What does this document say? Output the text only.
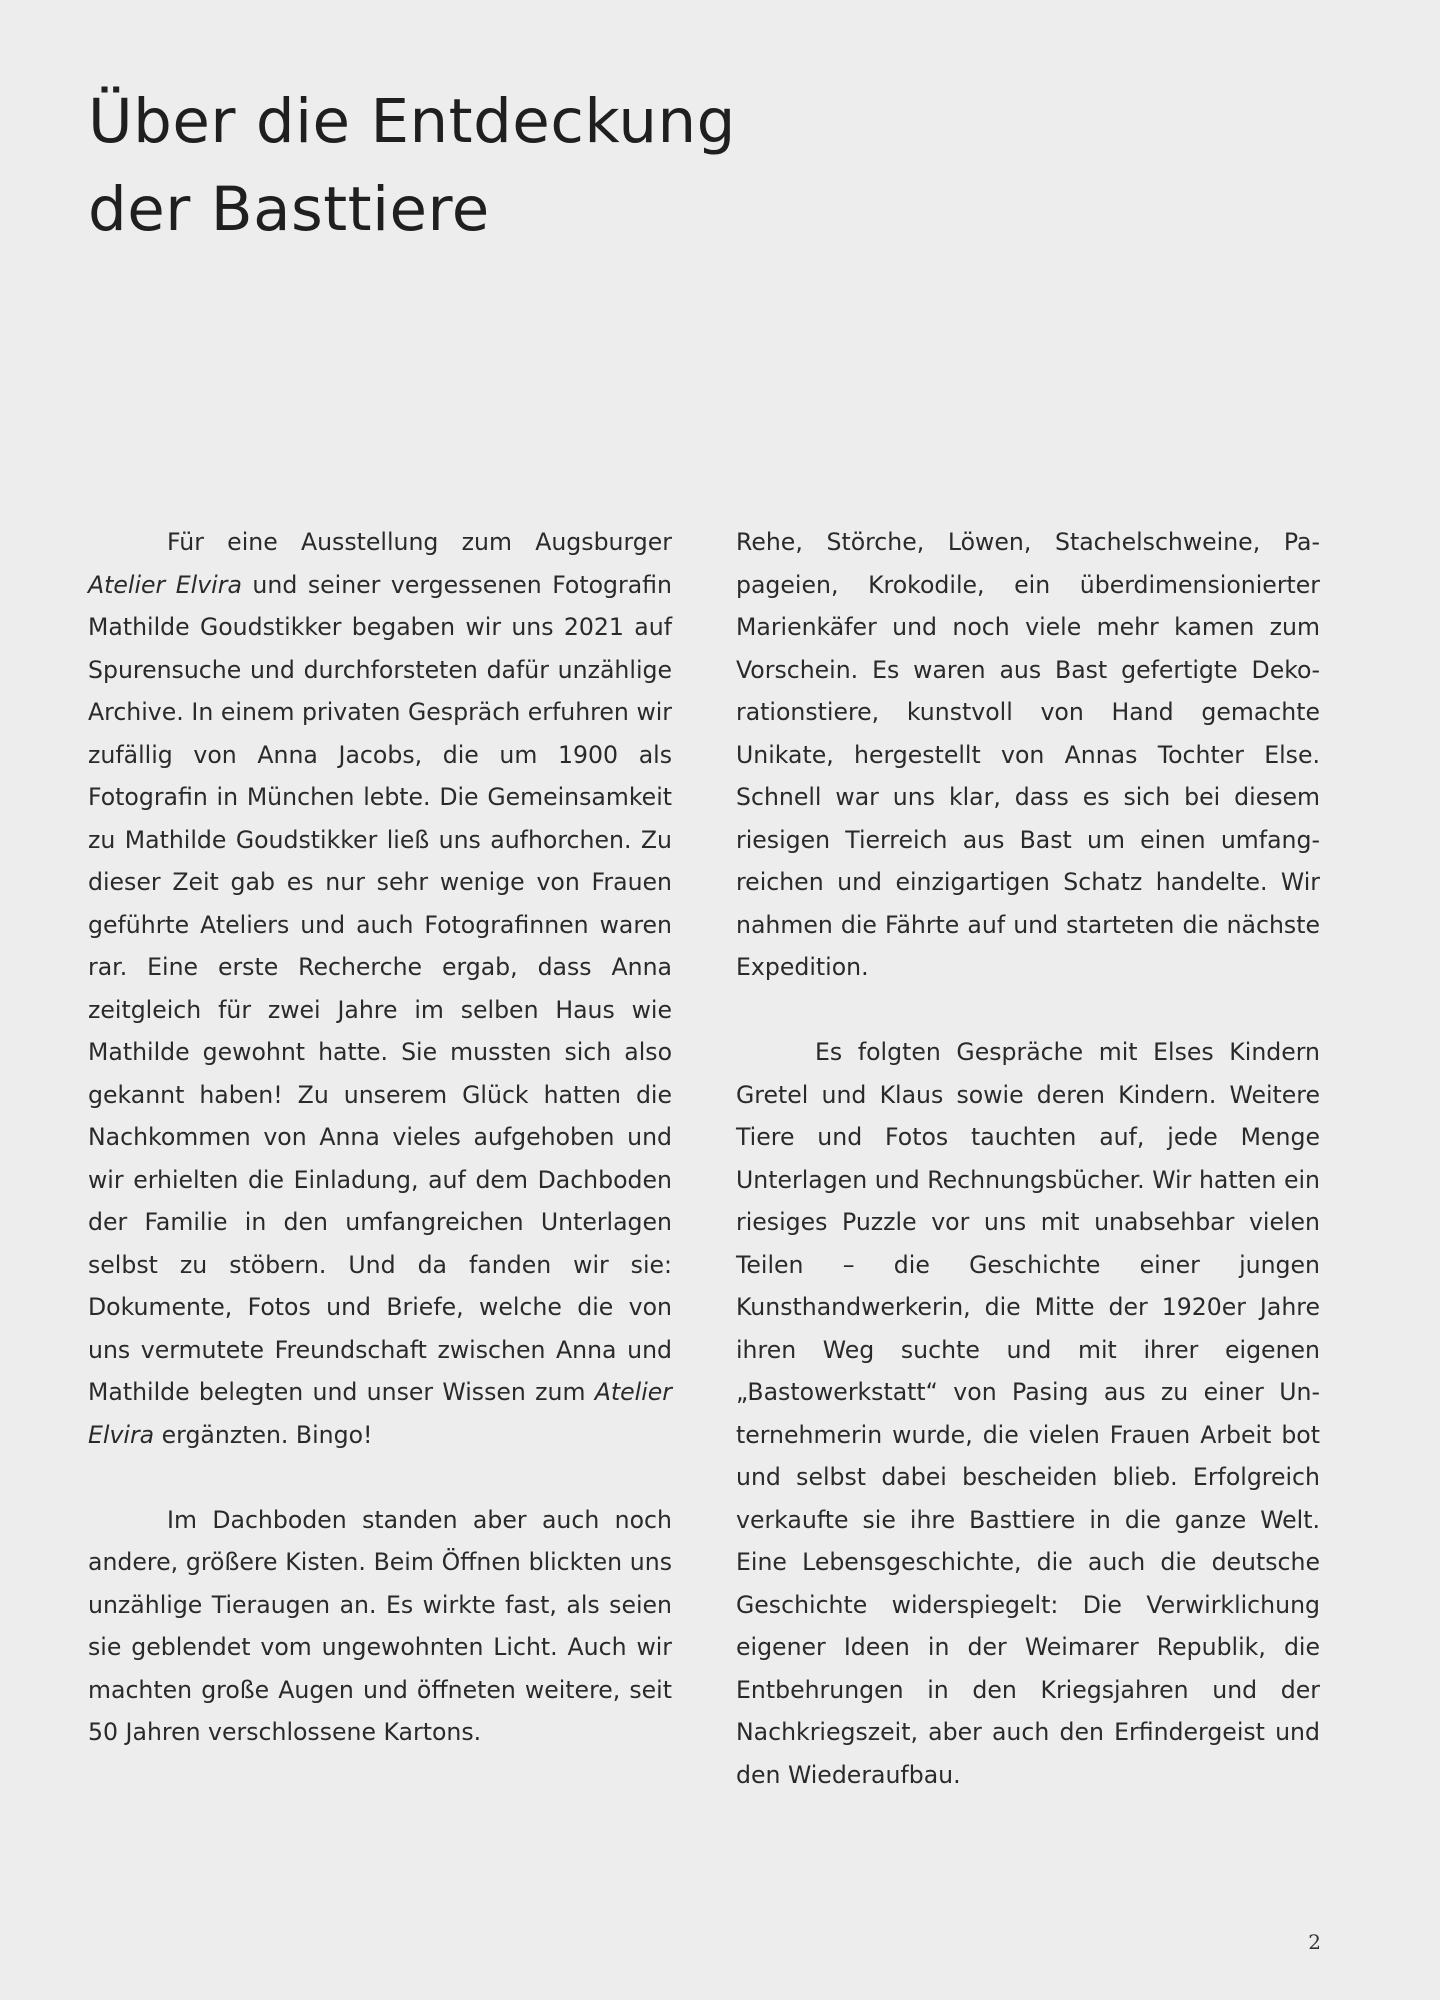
Über die Entdeckung
der Basttiere

Für eine Ausstellung zum Augsburger Atelier Elvira und seiner vergessenen Fotografin Mathilde Goudstikker begaben wir uns 2021 auf Spurensuche und durchforsteten dafür unzählige Archive. In einem privaten Gespräch erfuhren wir zufällig von Anna Jacobs, die um 1900 als Fotografin in München lebte. Die Gemeinsamkeit zu Mathilde Goudstikker ließ uns aufhorchen. Zu dieser Zeit gab es nur sehr wenige von Frauen geführte Ateliers und auch Fotografinnen waren rar. Eine erste Recherche ergab, dass Anna zeitgleich für zwei Jahre im selben Haus wie Mathilde gewohnt hatte. Sie mussten sich also gekannt haben! Zu unserem Glück hatten die Nachkommen von Anna vieles aufgehoben und wir erhielten die Einladung, auf dem Dachboden der Familie in den umfangreichen Unterlagen selbst zu stöbern. Und da fanden wir sie: Dokumente, Fotos und Briefe, welche die von uns vermutete Freundschaft zwischen Anna und Mathilde belegten und unser Wissen zum Atelier Elvira ergänzten. Bingo!

Im Dachboden standen aber auch noch andere, größere Kisten. Beim Öffnen blickten uns unzählige Tieraugen an. Es wirkte fast, als seien sie geblendet vom ungewohnten Licht. Auch wir machten große Augen und öffneten weitere, seit 50 Jahren verschlossene Kartons.

Rehe, Störche, Löwen, Stachelschweine, Papageien, Krokodile, ein überdimensionierter Marienkäfer und noch viele mehr kamen zum Vorschein. Es waren aus Bast gefertigte Dekorationstiere, kunstvoll von Hand gemachte Unikate, hergestellt von Annas Tochter Else. Schnell war uns klar, dass es sich bei diesem riesigen Tierreich aus Bast um einen umfangreichen und einzigartigen Schatz handelte. Wir nahmen die Fährte auf und starteten die nächste Expedition.

Es folgten Gespräche mit Elses Kindern Gretel und Klaus sowie deren Kindern. Weitere Tiere und Fotos tauchten auf, jede Menge Unterlagen und Rechnungsbücher. Wir hatten ein riesiges Puzzle vor uns mit unabsehbar vielen Teilen – die Geschichte einer jungen Kunsthandwerkerin, die Mitte der 1920er Jahre ihren Weg suchte und mit ihrer eigenen „Bastowerkstatt“ von Pasing aus zu einer Unternehmerin wurde, die vielen Frauen Arbeit bot und selbst dabei bescheiden blieb. Erfolgreich verkaufte sie ihre Basttiere in die ganze Welt. Eine Lebensgeschichte, die auch die deutsche Geschichte widerspiegelt: Die Verwirklichung eigener Ideen in der Weimarer Republik, die Entbehrungen in den Kriegsjahren und der Nachkriegszeit, aber auch den Erfindergeist und den Wiederaufbau.

2
